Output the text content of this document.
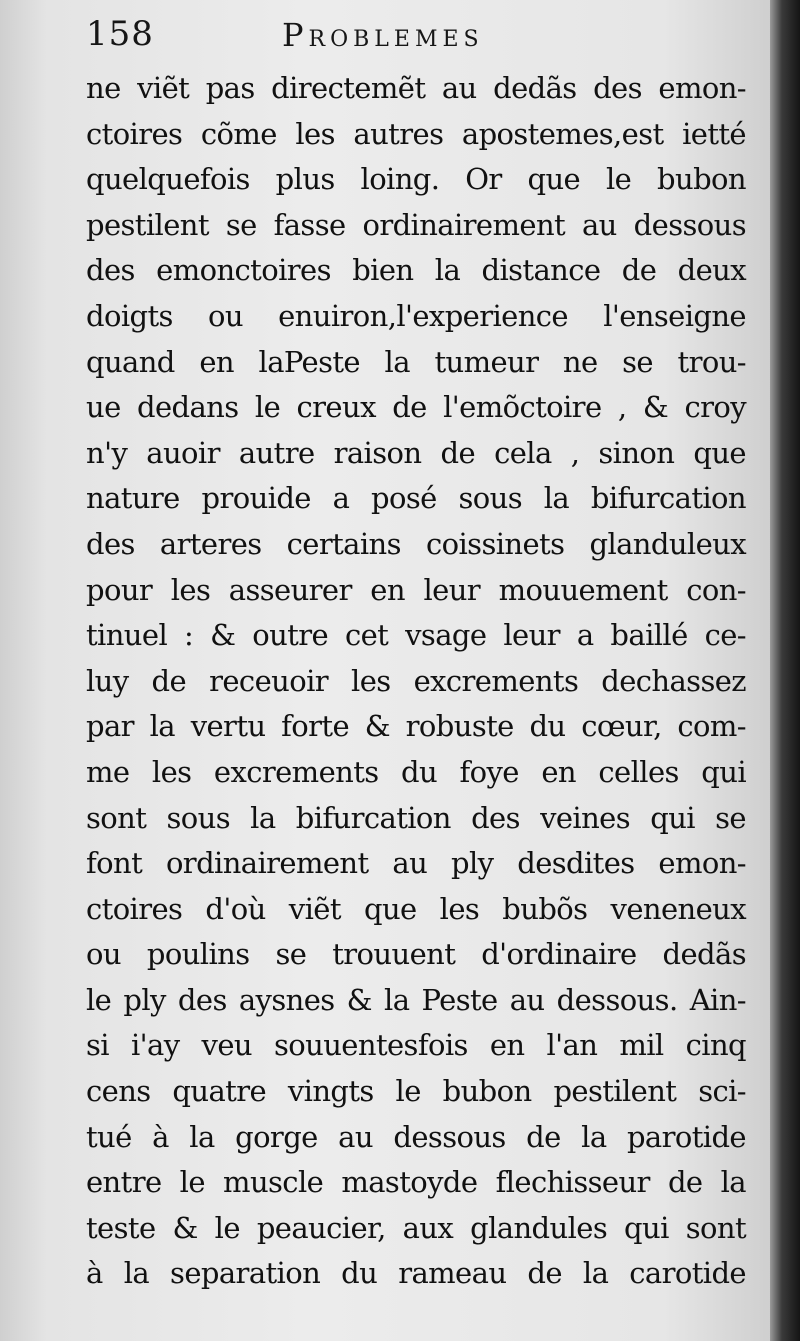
158	Problemes
ne viẽt pas directemẽt au dedãs des emon-
ctoires cõme les autres apostemes,est ietté
quelquefois plus loing. Or que le bubon
pestilent se fasse ordinairement au dessous
des emonctoires bien la distance de deux
doigts ou enuiron,l'experience l'enseigne
quand en laPeste la tumeur ne se trou-
ue dedans le creux de l'emõctoire , & croy
n'y auoir autre raison de cela , sinon que
nature prouide a posé sous la bifurcation
des arteres certains coissinets glanduleux
pour les asseurer en leur mouuement con-
tinuel : & outre cet vsage leur a baillé ce-
luy de receuoir les excrements dechassez
par la vertu forte & robuste du cœur, com-
me les excrements du foye en celles qui
sont sous la bifurcation des veines qui se
font ordinairement au ply desdites emon-
ctoires d'où viẽt que les bubõs veneneux
ou poulins se trouuent d'ordinaire dedãs
le ply des aysnes & la Peste au dessous. Ain-
si i'ay veu souuentesfois en l'an mil cinq
cens quatre vingts le bubon pestilent sci-
tué à la gorge au dessous de la parotide
entre le muscle mastoyde flechisseur de la
teste & le peaucier, aux glandules qui sont
à la separation du rameau de la carotide
